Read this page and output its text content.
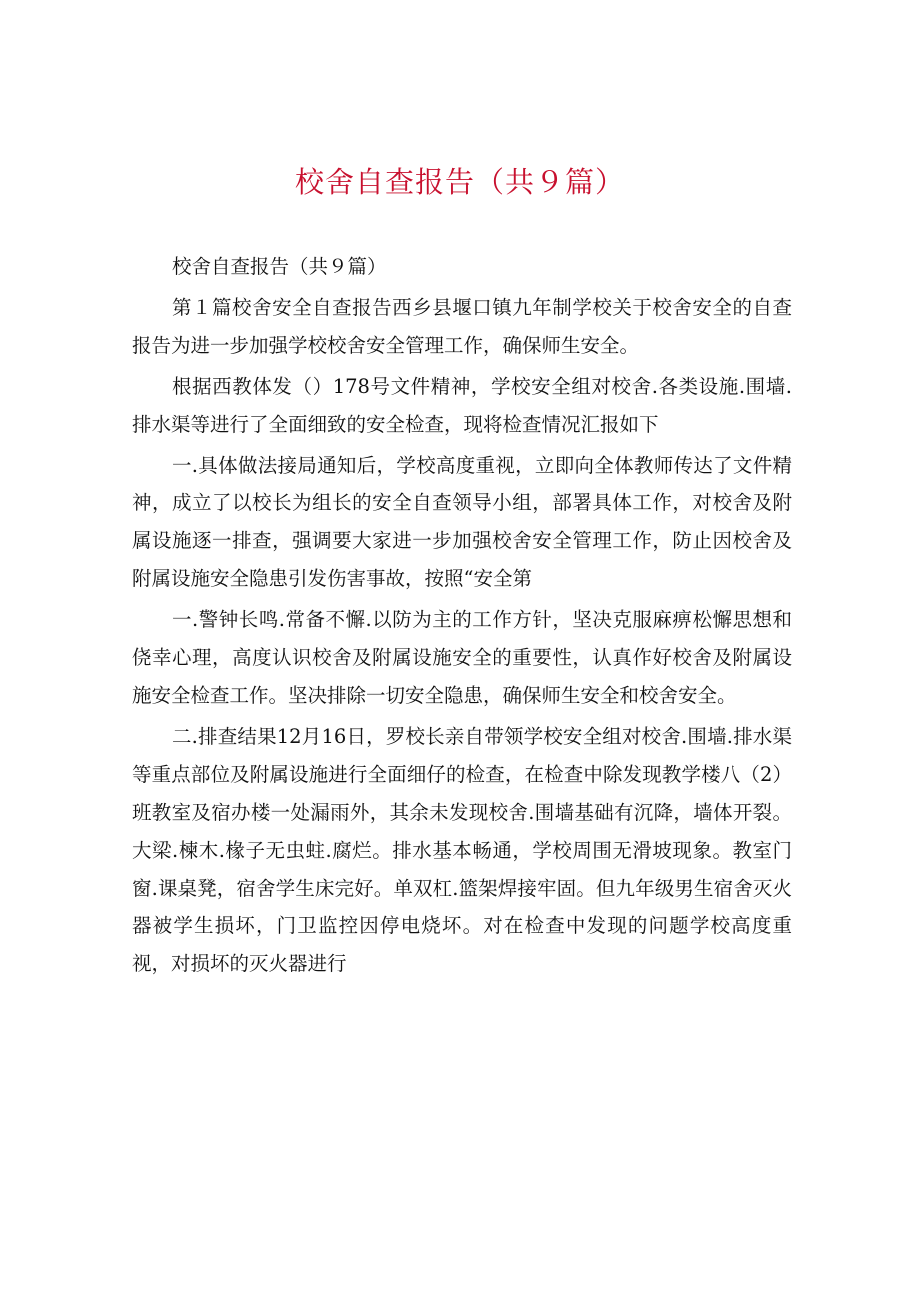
校舍自查报告（共９篇）

校舍自查报告（共９篇）

第１篇校舍安全自查报告西乡县堰口镇九年制学校关于校舍安全的自查报告为进一步加强学校校舍安全管理工作，确保师生安全。

根据西教体发（）178号文件精神，学校安全组对校舍.各类设施.围墙.排水渠等进行了全面细致的安全检查，现将检查情况汇报如下

一.具体做法接局通知后，学校高度重视，立即向全体教师传达了文件精神，成立了以校长为组长的安全自查领导小组，部署具体工作，对校舍及附属设施逐一排查，强调要大家进一步加强校舍安全管理工作，防止因校舍及附属设施安全隐患引发伤害事故，按照“安全第

一.警钟长鸣.常备不懈.以防为主的工作方针，坚决克服麻痹松懈思想和侥幸心理，高度认识校舍及附属设施安全的重要性，认真作好校舍及附属设施安全检查工作。坚决排除一切安全隐患，确保师生安全和校舍安全。

二.排查结果12月16日，罗校长亲自带领学校安全组对校舍.围墙.排水渠等重点部位及附属设施进行全面细仔的检查，在检查中除发现教学楼八（2）班教室及宿办楼一处漏雨外，其余未发现校舍.围墙基础有沉降，墙体开裂。大梁.楝木.椽子无虫蛀.腐烂。排水基本畅通，学校周围无滑坡现象。教室门窗.课桌凳，宿舍学生床完好。单双杠.篮架焊接牢固。但九年级男生宿舍灭火器被学生损坏，门卫监控因停电烧坏。对在检查中发现的问题学校高度重视，对损坏的灭火器进行
